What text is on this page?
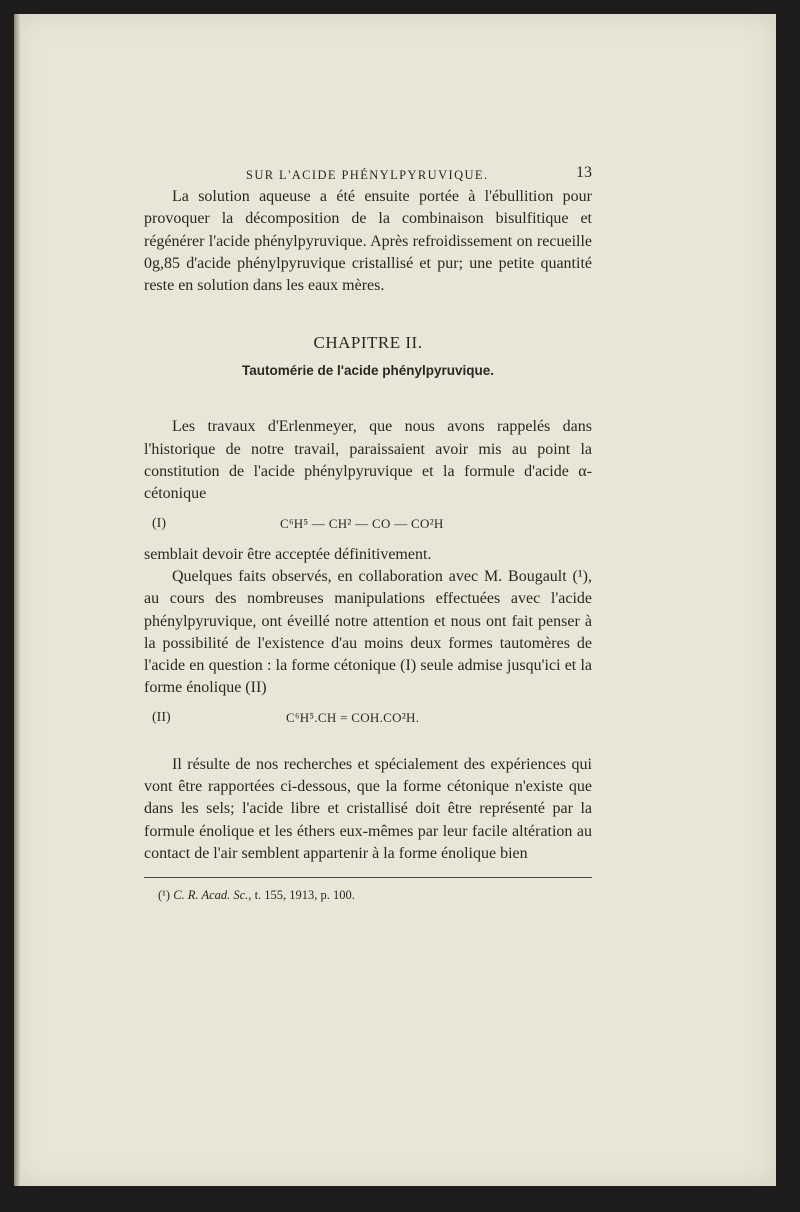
SUR L'ACIDE PHÉNYLPYRUVIQUE.	13

La solution aqueuse a été ensuite portée à l'ébullition pour provoquer la décomposition de la combinaison bisulfitique et régénérer l'acide phénylpyruvique. Après refroidissement on recueille 0g,85 d'acide phénylpyruvique cristallisé et pur; une petite quantité reste en solution dans les eaux mères.

CHAPITRE II.
Tautomérie de l'acide phénylpyruvique.

Les travaux d'Erlenmeyer, que nous avons rappelés dans l'historique de notre travail, paraissaient avoir mis au point la constitution de l'acide phénylpyruvique et la formule d'acide α-cétonique

(I)	C⁶H⁵ — CH² — CO — CO²H

semblait devoir être acceptée définitivement.

Quelques faits observés, en collaboration avec M. Bougault (¹), au cours des nombreuses manipulations effectuées avec l'acide phénylpyruvique, ont éveillé notre attention et nous ont fait penser à la possibilité de l'existence d'au moins deux formes tautomères de l'acide en question : la forme cétonique (I) seule admise jusqu'ici et la forme énolique (II)

(II)	C⁶H⁵.CH = COH.CO²H.

Il résulte de nos recherches et spécialement des expériences qui vont être rapportées ci-dessous, que la forme cétonique n'existe que dans les sels; l'acide libre et cristallisé doit être représenté par la formule énolique et les éthers eux-mêmes par leur facile altération au contact de l'air semblent appartenir à la forme énolique bien

(¹) C. R. Acad. Sc., t. 155, 1913, p. 100.
